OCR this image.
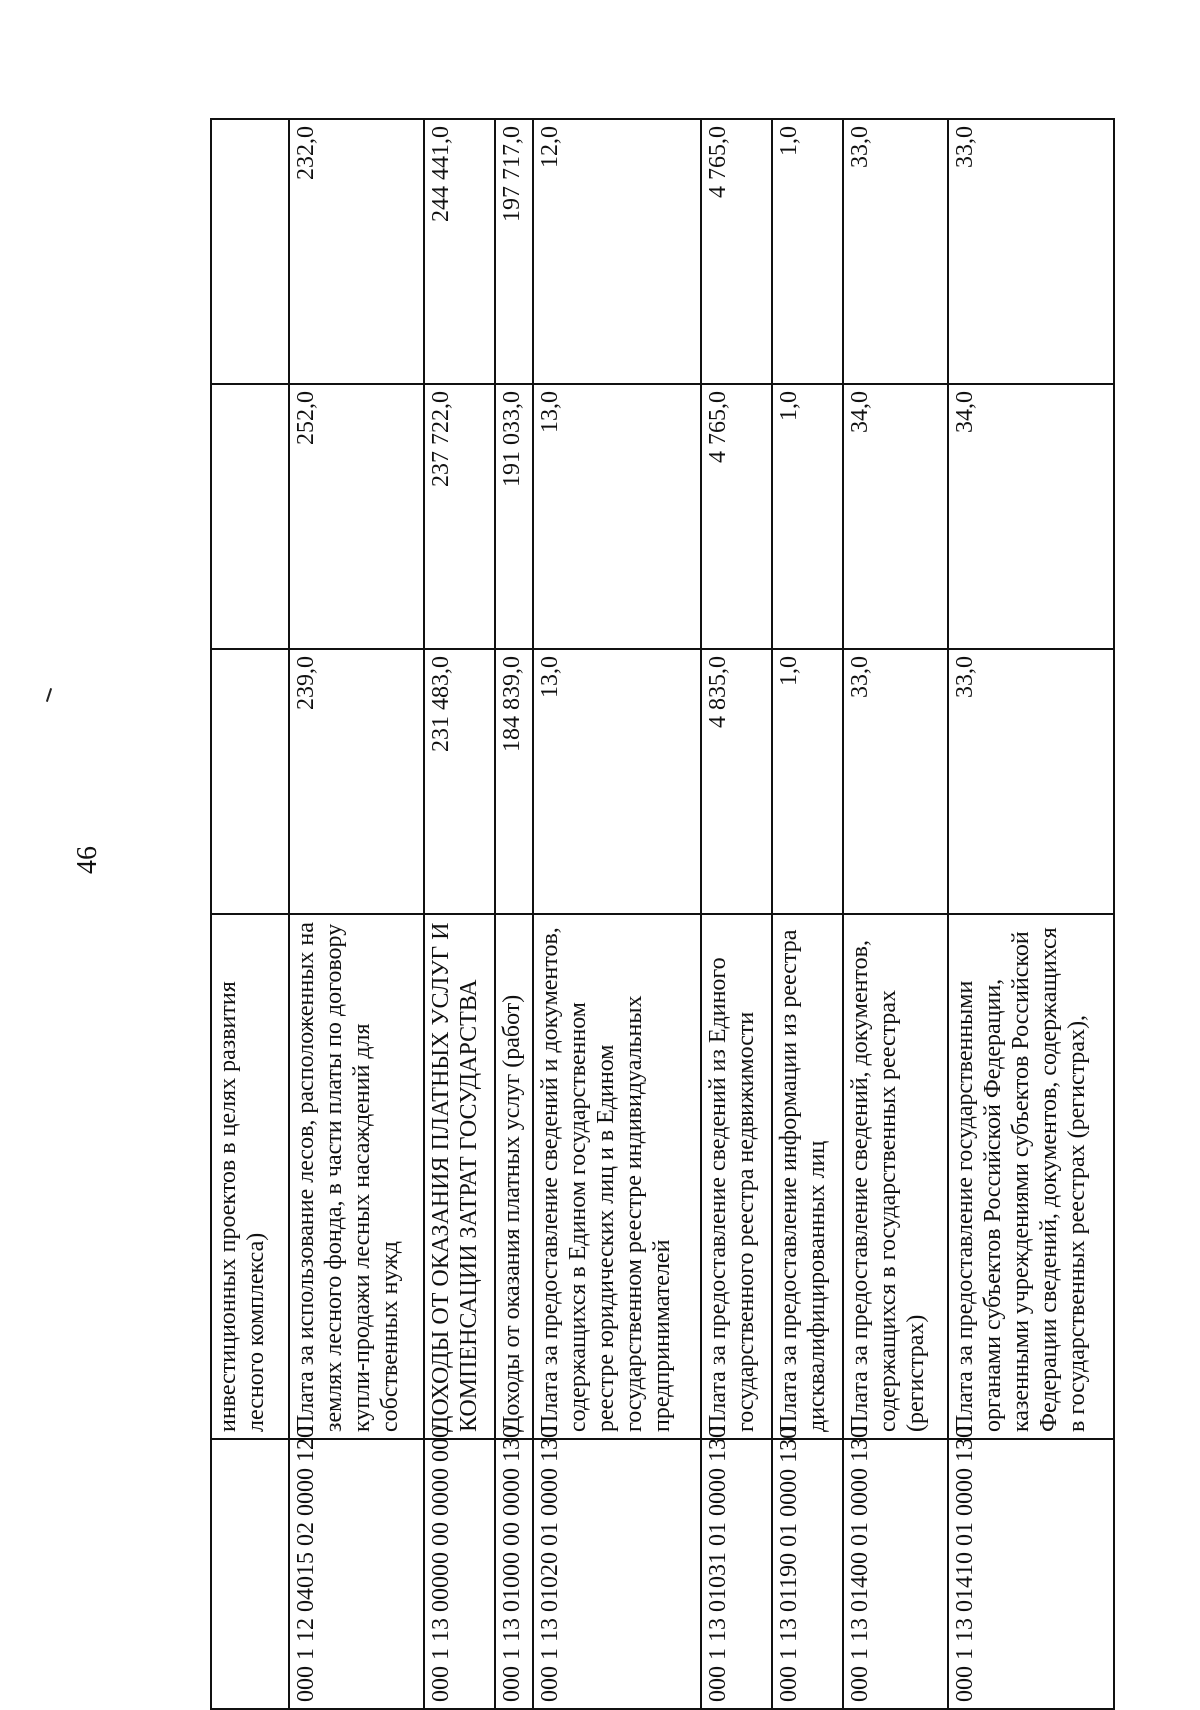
46
	инвестиционных проектов в целях развития лесного комплекса)			
000 1 12 04015 02 0000 120	Плата за использование лесов, расположенных на землях лесного фонда, в части платы по договору купли-продажи лесных насаждений для собственных нужд	239,0	252,0	232,0
000 1 13 00000 00 0000 000	ДОХОДЫ ОТ ОКАЗАНИЯ ПЛАТНЫХ УСЛУГ И КОМПЕНСАЦИИ ЗАТРАТ ГОСУДАРСТВА	231 483,0	237 722,0	244 441,0
000 1 13 01000 00 0000 130	Доходы от оказания платных услуг (работ)	184 839,0	191 033,0	197 717,0
000 1 13 01020 01 0000 130	Плата за предоставление сведений и документов, содержащихся в Едином государственном реестре юридических лиц и в Едином государственном реестре индивидуальных предпринимателей	13,0	13,0	12,0
000 1 13 01031 01 0000 130	Плата за предоставление сведений из Единого государственного реестра недвижимости	4 835,0	4 765,0	4 765,0
000 1 13 01190 01 0000 130	Плата за предоставление информации из реестра дисквалифицированных лиц	1,0	1,0	1,0
000 1 13 01400 01 0000 130	Плата за предоставление сведений, документов, содержащихся в государственных реестрах (регистрах)	33,0	34,0	33,0
000 1 13 01410 01 0000 130	Плата за предоставление государственными органами субъектов Российской Федерации, казенными учреждениями субъектов Российской Федерации сведений, документов, содержащихся в государственных реестрах (регистрах),	33,0	34,0	33,0
